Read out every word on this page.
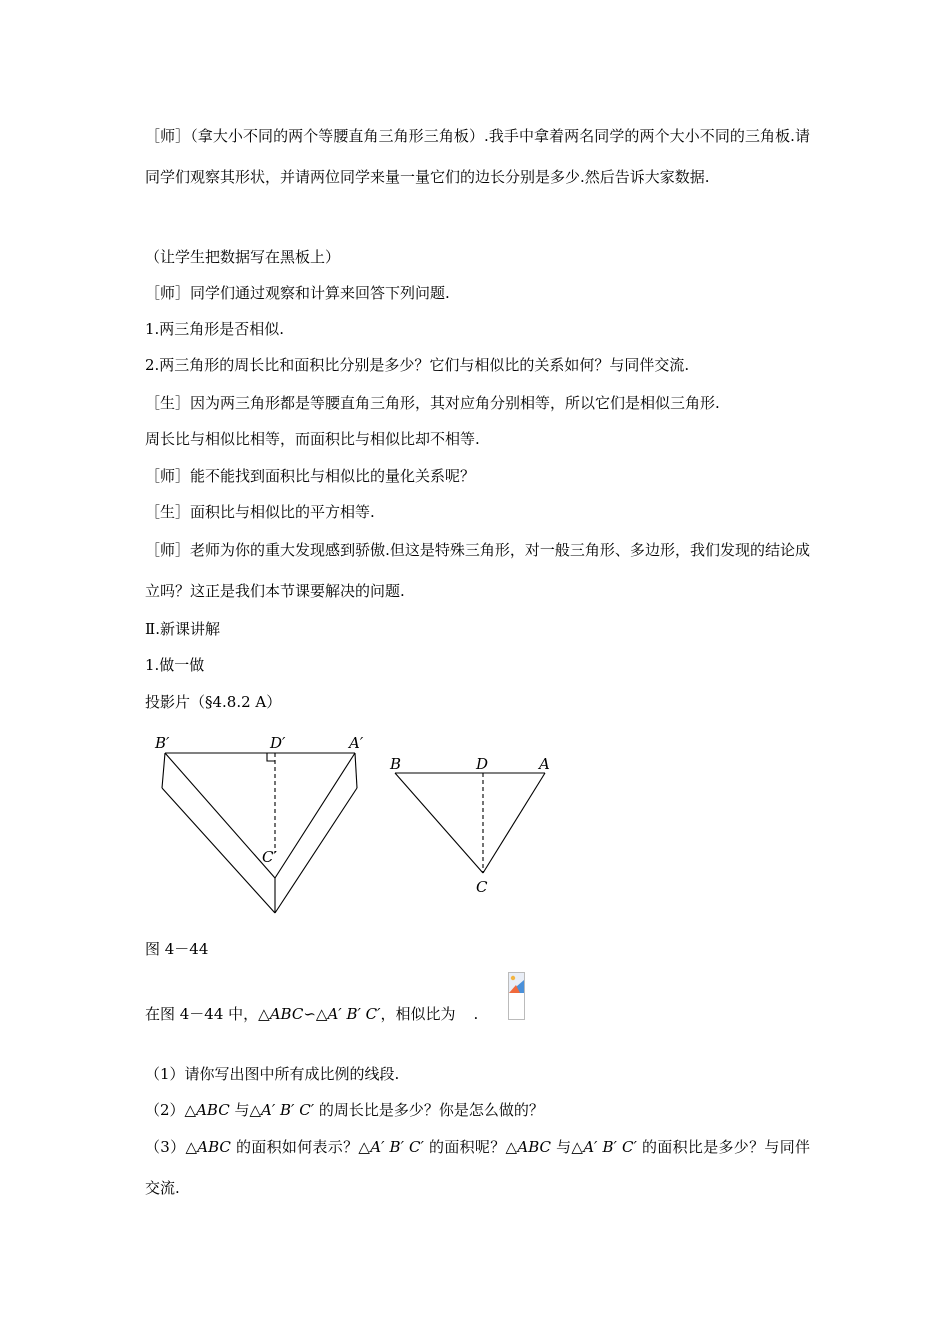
［师］（拿大小不同的两个等腰直角三角形三角板）.我手中拿着两名同学的两个大小不同的三角板.请同学们观察其形状，并请两位同学来量一量它们的边长分别是多少.然后告诉大家数据.
（让学生把数据写在黑板上）
［师］同学们通过观察和计算来回答下列问题.
1.两三角形是否相似.
2.两三角形的周长比和面积比分别是多少？它们与相似比的关系如何？与同伴交流.
［生］因为两三角形都是等腰直角三角形，其对应角分别相等，所以它们是相似三角形.
周长比与相似比相等，而面积比与相似比却不相等.
［师］能不能找到面积比与相似比的量化关系呢？
［生］面积比与相似比的平方相等.
［师］老师为你的重大发现感到骄傲.但这是特殊三角形，对一般三角形、多边形，我们发现的结论成立吗？这正是我们本节课要解决的问题.
Ⅱ.新课讲解
1.做一做
投影片（§4.8.2 A）
B′	D′	A′
C′
B	D	A
C
图 4－44
在图 4－44 中，△ABC∽△A′ B′ C′，相似比为 .
（1）请你写出图中所有成比例的线段.
（2）△ABC 与△A′ B′ C′ 的周长比是多少？你是怎么做的？
（3）△ABC 的面积如何表示？△A′ B′ C′ 的面积呢？△ABC 与△A′ B′ C′ 的面积比是多少？与同伴交流.
